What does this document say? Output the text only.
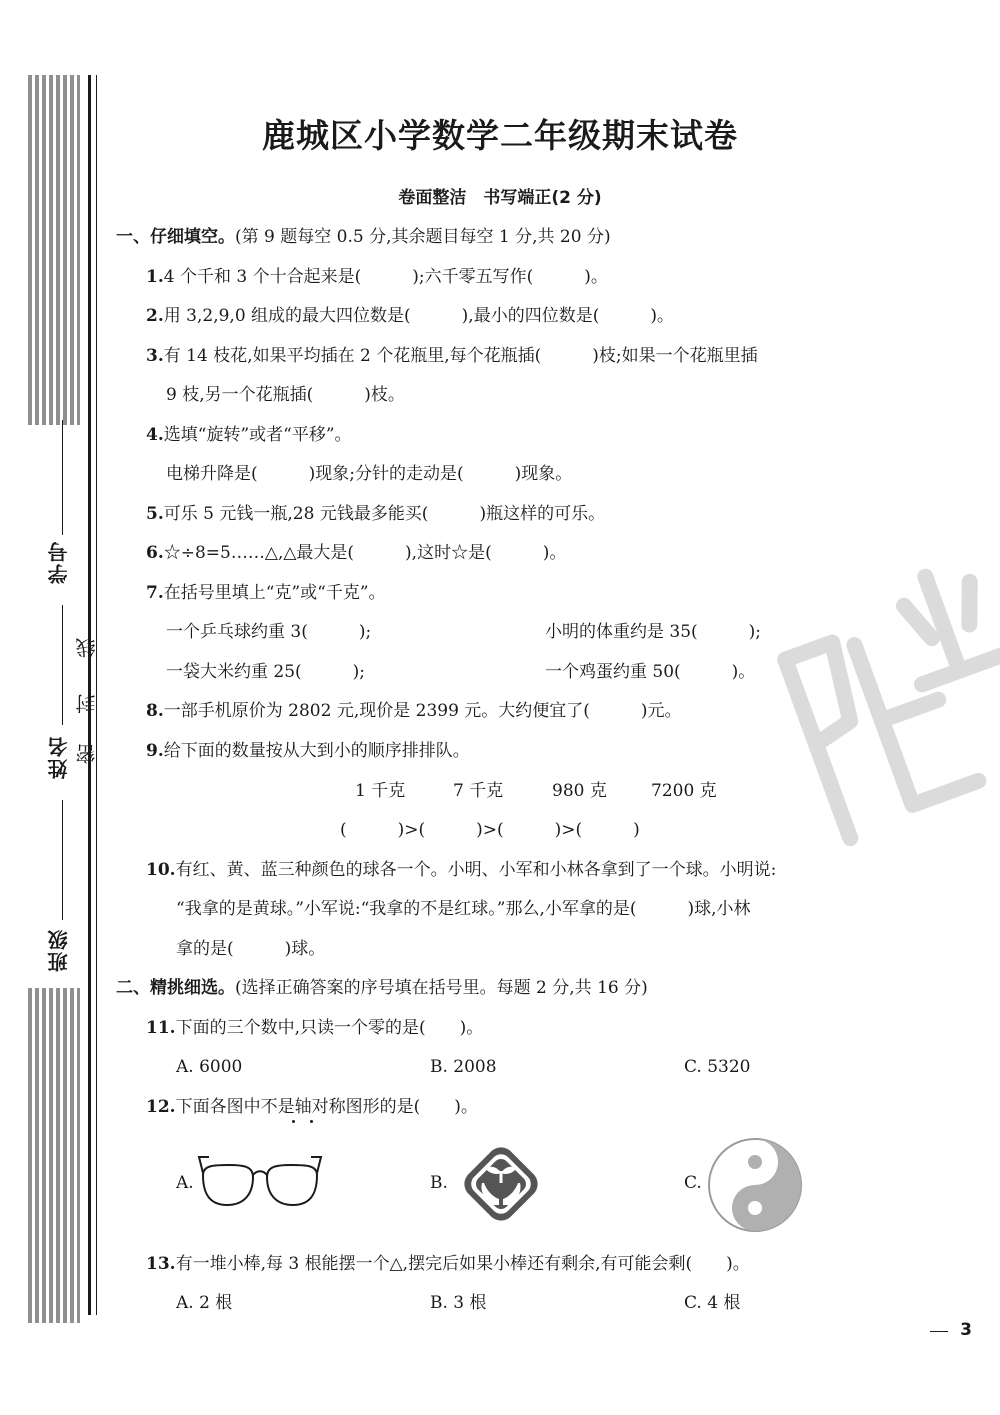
班级
姓名
学号
密
封
线
鹿城区小学数学二年级期末试卷
卷面整洁　书写端正(2 分)
一、仔细填空。(第 9 题每空 0.5 分,其余题目每空 1 分,共 20 分)
1.4 个千和 3 个十合起来是(　　　);六千零五写作(　　　)。
2.用 3,2,9,0 组成的最大四位数是(　　　),最小的四位数是(　　　)。
3.有 14 枝花,如果平均插在 2 个花瓶里,每个花瓶插(　　　)枝;如果一个花瓶里插
9 枝,另一个花瓶插(　　　)枝。
4.选填“旋转”或者“平移”。
电梯升降是(　　　)现象;分针的走动是(　　　)现象。
5.可乐 5 元钱一瓶,28 元钱最多能买(　　　)瓶这样的可乐。
6.☆÷8=5……△,△最大是(　　　),这时☆是(　　　)。
7.在括号里填上“克”或“千克”。
一个乒乓球约重 3(　　　);	小明的体重约是 35(　　　);
一袋大米约重 25(　　　);	一个鸡蛋约重 50(　　　)。
8.一部手机原价为 2802 元,现价是 2399 元。大约便宜了(　　　)元。
9.给下面的数量按从大到小的顺序排排队。
1 千克	7 千克	980 克	7200 克
(　　　)>(　　　)>(　　　)>(　　　)
10.有红、黄、蓝三种颜色的球各一个。小明、小军和小林各拿到了一个球。小明说:
“我拿的是黄球。”小军说:“我拿的不是红球。”那么,小军拿的是(　　　)球,小林
拿的是(　　　)球。
二、精挑细选。(选择正确答案的序号填在括号里。每题 2 分,共 16 分)
11.下面的三个数中,只读一个零的是(　　)。
A. 6000	B. 2008	C. 5320
12.下面各图中不是轴对称图形的是(　　)。
A.	B.	C.
13.有一堆小棒,每 3 根能摆一个△,摆完后如果小棒还有剩余,有可能会剩(　　)。
A. 2 根	B. 3 根	C. 4 根
3
